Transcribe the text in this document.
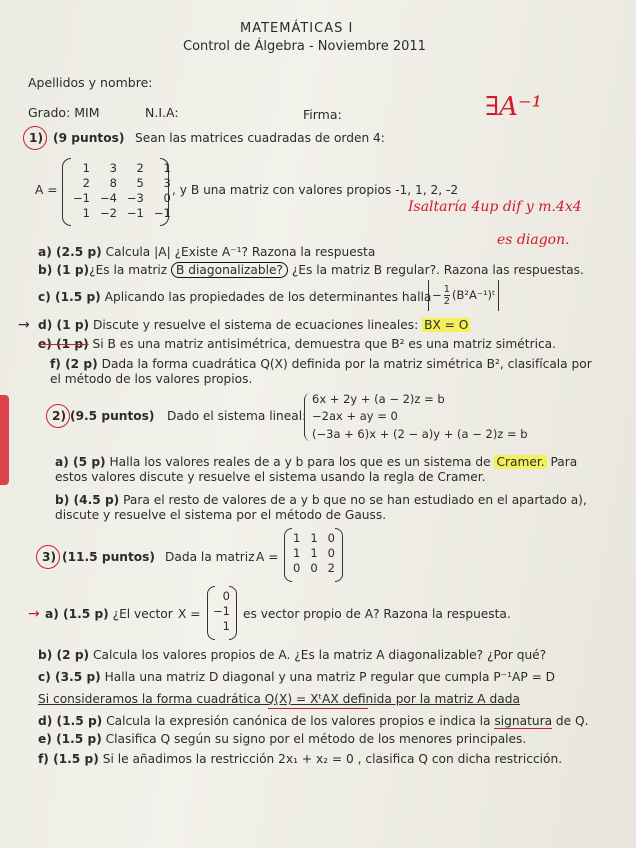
MATEMÁTICAS I
Control de Álgebra - Noviembre 2011
Apellidos y nombre:
Grado: MIM	N.I.A:	Firma:	∃A⁻¹
1) (9 puntos) Sean las matrices cuadradas de orden 4:
A =
1	3	2	1
2	8	5	3
−1	−4	−3	0
1	−2	−1	−1
, y B una matriz con valores propios -1, 1, 2, -2
Isaltaría 4up dif y m.4x4
es diagon.
a) (2.5 p) Calcula |A| ¿Existe A⁻¹? Razona la respuesta
b) (1 p)¿Es la matriz B diagonalizable? ¿Es la matriz B regular?. Razona las respuestas.
c) (1.5 p) Aplicando las propiedades de los determinantes halla − $\frac{1}{2}$ (B²A⁻¹)ᵗ
→ d) (1 p) Discute y resuelve el sistema de ecuaciones lineales: BX = O
e) (1 p) Si B es una matriz antisimétrica, demuestra que B² es una matriz simétrica.
f) (2 p) Dada la forma cuadrática Q(X) definida por la matriz simétrica B², clasifícala por
el método de los valores propios.
2) (9.5 puntos) Dado el sistema lineal:
6x + 2y + (a − 2)z = b
−2ax + ay = 0
(−3a + 6)x + (2 − a)y + (a − 2)z = b
a) (5 p) Halla los valores reales de a y b para los que es un sistema de Cramer. Para
estos valores discute y resuelve el sistema usando la regla de Cramer.
b) (4.5 p) Para el resto de valores de a y b que no se han estudiado en el apartado a),
discute y resuelve el sistema por el método de Gauss.
3) (11.5 puntos) Dada la matriz A =
1	1	0
1	1	0
0	0	2
→ a) (1.5 p) ¿El vector X =
0
−1
1
es vector propio de A? Razona la respuesta.
b) (2 p) Calcula los valores propios de A. ¿Es la matriz A diagonalizable? ¿Por qué?
c) (3.5 p) Halla una matriz D diagonal y una matriz P regular que cumpla P⁻¹AP = D
Si consideramos la forma cuadrática Q(X) = XᵗAX definida por la matriz A dada
d) (1.5 p) Calcula la expresión canónica de los valores propios e indica la signatura de Q.
e) (1.5 p) Clasifica Q según su signo por el método de los menores principales.
f) (1.5 p) Si le añadimos la restricción 2x₁ + x₂ = 0 , clasifica Q con dicha restricción.
